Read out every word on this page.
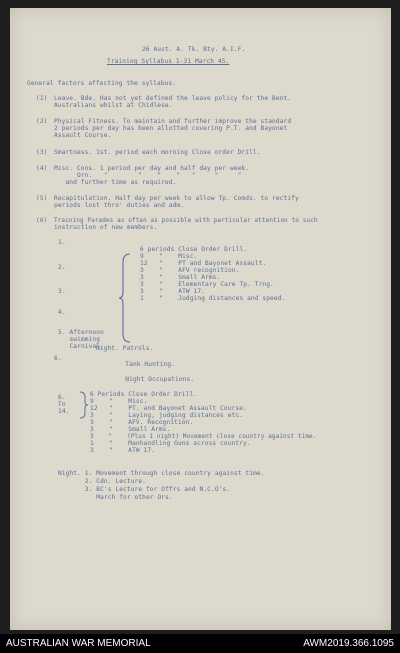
26 Aust. A. Tk. Bty. A.I.F.
Training Syllabus 1-31 March 45.
General factors affecting the syllabus.
(1) Leave. Bde. Has not yet defined the leave policy for the Bent.
Australians whilst at Chidlese.
(2) Physical Fitness. To maintain and further improve the standard
2 periods per day has been allotted covering P.T. and Bayonet
Assault Course.
(3) Smartness. 1st. period each morning Close order Drill.
(4) Misc. Cons. 1 period per day and half day per week.
Orn.   "        "    "    "   "     "     "
and further time as required.
(5) Recapitulation. Half day per week to allow Tp. Comds. to rectify
periods lost thro' duties and adm.
(6) Training Parades as often as possible with particular attention to such
instruction of new members.
1.
2.
3.
4.
5. Afternoon
swimming
Carnival.
6.
6 periods Close Order Drill.
9    "    Misc.
12   "    PT and Bayonet Assault.
3    "    AFV recognition.
3    "    Small Arms.
3    "    Elementary Care Tp. Trng.
3    "    ATW 17.
1    "    Judging distances and speed.
Night. Patrols.
Tank Hunting.
Night Occupations.
6.
To
14.
6 Periods Close Order Drill.
9    "    Misc.
12   "    PT. and Bayonet Assault Course.
3    "    Laying, judging distances etc.
3    "    AFV. Recognition.
3    "    Small Arms.
3    "    (Plus 1 night) Movement close country against time.
1    "    Manhandling Guns across country.
3    "    ATW 17.
Night. 1. Movement through close country against time.
2. Cdn. Lecture.
3. BC's Lecture for Offrs and N.C.O's.
March for other Ors.
AUSTRALIAN WAR MEMORIAL	AWM2019.366.1095
